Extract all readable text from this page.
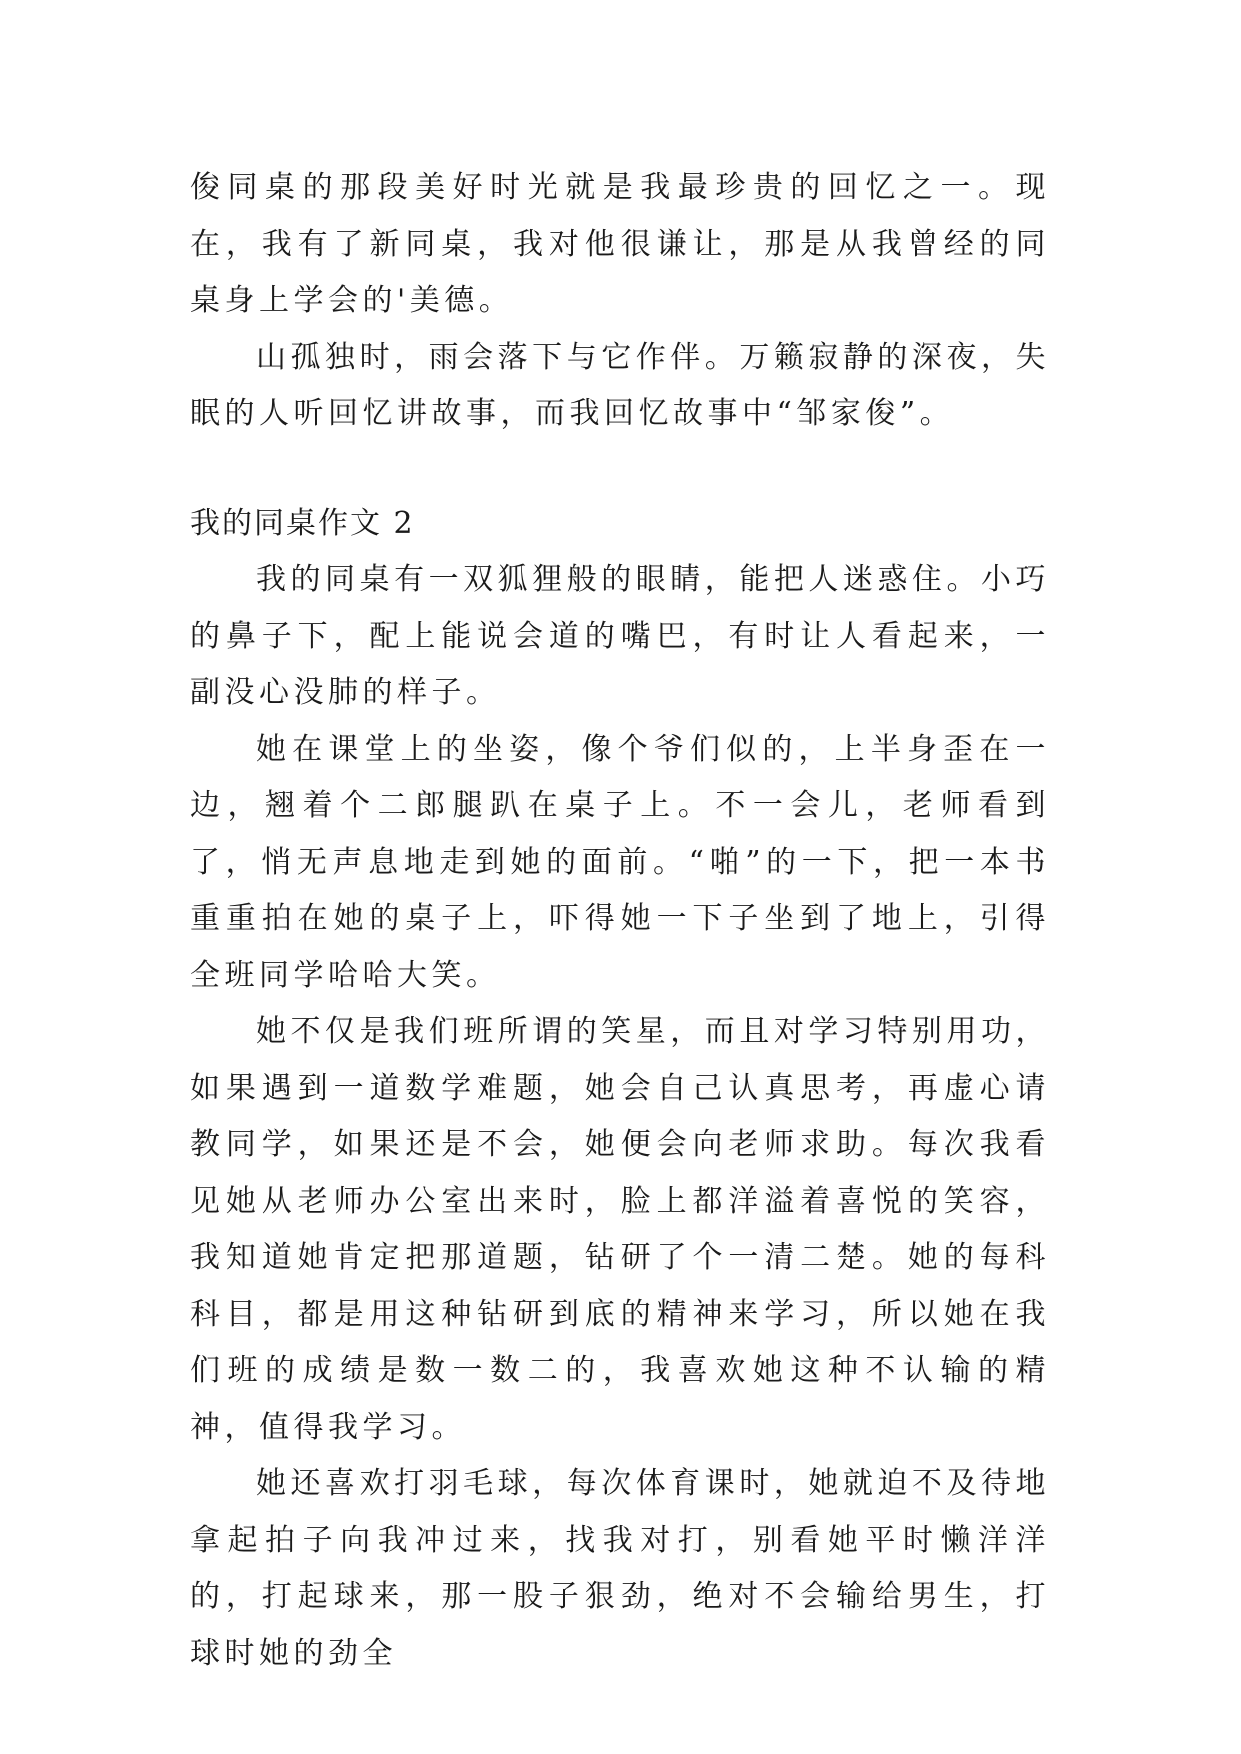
俊同桌的那段美好时光就是我最珍贵的回忆之一。现在，我有了新同桌，我对他很谦让，那是从我曾经的同桌身上学会的'美德。

山孤独时，雨会落下与它作伴。万籁寂静的深夜，失眠的人听回忆讲故事，而我回忆故事中“邹家俊”。

我的同桌作文 2

我的同桌有一双狐狸般的眼睛，能把人迷惑住。小巧的鼻子下，配上能说会道的嘴巴，有时让人看起来，一副没心没肺的样子。

她在课堂上的坐姿，像个爷们似的，上半身歪在一边，翘着个二郎腿趴在桌子上。不一会儿，老师看到了，悄无声息地走到她的面前。“啪”的一下，把一本书重重拍在她的桌子上，吓得她一下子坐到了地上，引得全班同学哈哈大笑。

她不仅是我们班所谓的笑星，而且对学习特别用功，如果遇到一道数学难题，她会自己认真思考，再虚心请教同学，如果还是不会，她便会向老师求助。每次我看见她从老师办公室出来时，脸上都洋溢着喜悦的笑容，我知道她肯定把那道题，钻研了个一清二楚。她的每科科目，都是用这种钻研到底的精神来学习，所以她在我们班的成绩是数一数二的，我喜欢她这种不认输的精神，值得我学习。

她还喜欢打羽毛球，每次体育课时，她就迫不及待地拿起拍子向我冲过来，找我对打，别看她平时懒洋洋的，打起球来，那一股子狠劲，绝对不会输给男生，打球时她的劲全
